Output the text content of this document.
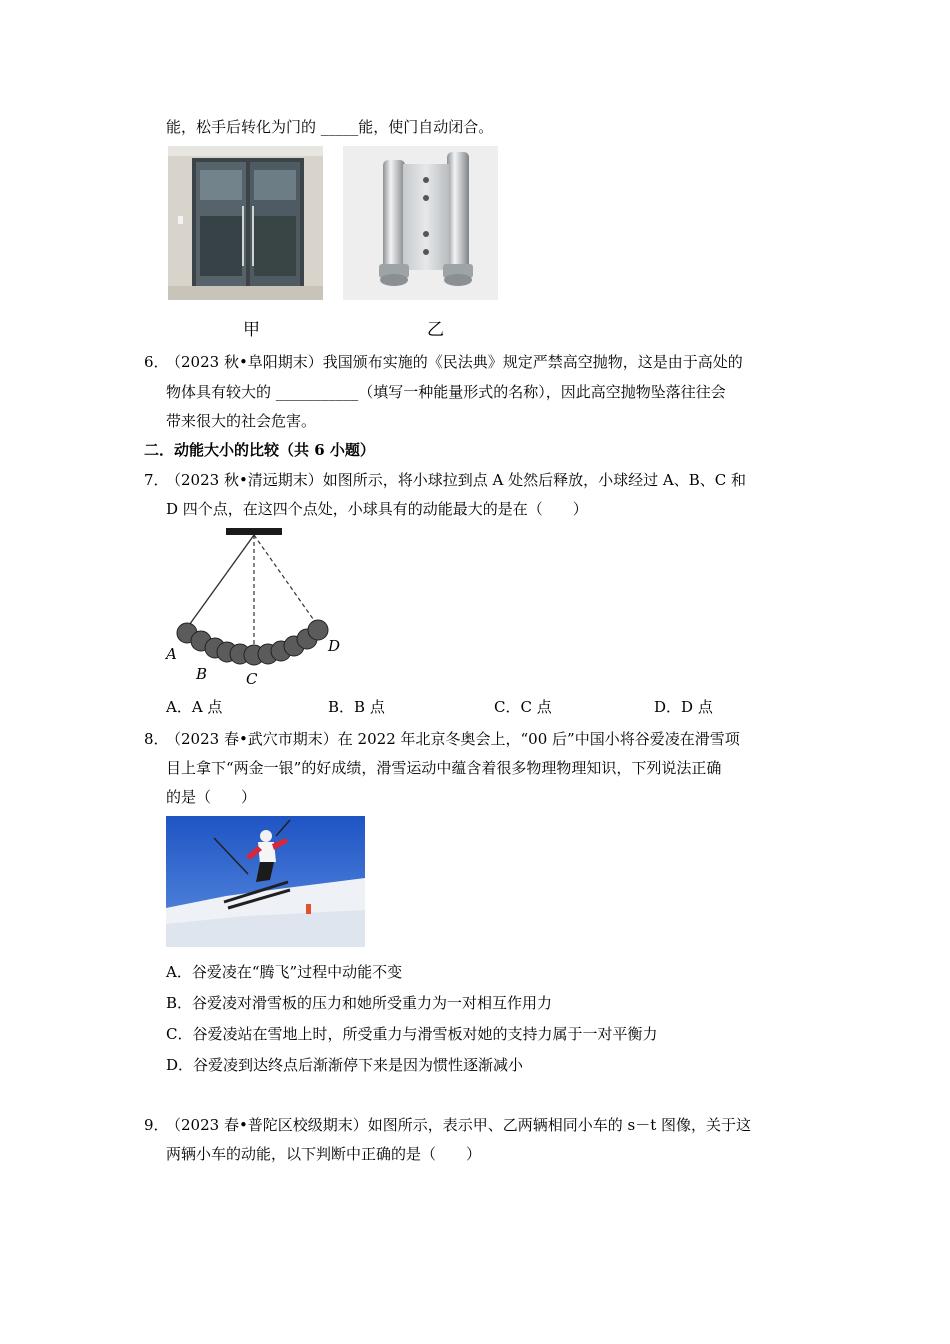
能，松手后转化为门的 _____能，使门自动闭合。
甲	乙
6．
（2023 秋•阜阳期末）我国颁布实施的《民法典》规定严禁高空抛物，这是由于高处的
物体具有较大的 ___________（填写一种能量形式的名称），因此高空抛物坠落往往会
带来很大的社会危害。
二．动能大小的比较（共 6 小题）
7．
（2023 秋•清远期末）如图所示，将小球拉到点 A 处然后释放，小球经过 A、B、C 和
D 四个点，在这四个点处，小球具有的动能最大的是在（　　）
A
B	C
D
A．A 点	B．B 点	C．C 点	D．D 点
8．
（2023 春•武穴市期末）在 2022 年北京冬奥会上，“00 后”中国小将谷爱凌在滑雪项
目上拿下“两金一银”的好成绩，滑雪运动中蕴含着很多物理物理知识，下列说法正确
的是（　　）
A．谷爱凌在“腾飞”过程中动能不变
B．谷爱凌对滑雪板的压力和她所受重力为一对相互作用力
C．谷爱凌站在雪地上时，所受重力与滑雪板对她的支持力属于一对平衡力
D．谷爱凌到达终点后渐渐停下来是因为惯性逐渐减小
9．
（2023 春•普陀区校级期末）如图所示，表示甲、乙两辆相同小车的 s－t 图像，关于这
两辆小车的动能，以下判断中正确的是（　　）
